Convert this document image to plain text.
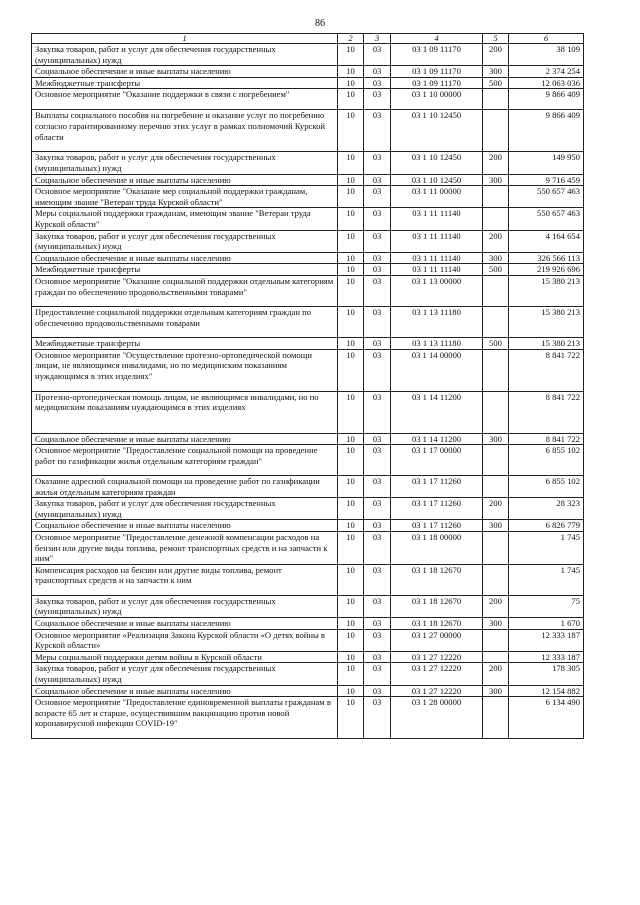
86
1	2	3	4	5	6
Закупка товаров, работ и услуг для обеспечения государственных (муниципальных) нужд	10	03	03 1 09 11170	200	38 109
Социальное обеспечение и иные выплаты населению	10	03	03 1 09 11170	300	2 374 254
Межбюджетные трансферты	10	03	03 1 09 11170	500	12 063 036
Основное мероприятие "Оказание поддержки в связи с погребением"	10	03	03 1 10 00000		9 866 409
Выплаты социального пособия на погребение и оказание услуг по погребению согласно гарантированному перечню этих услуг в рамках полномочий Курской области	10	03	03 1 10 12450		9 866 409
Закупка товаров, работ и услуг для обеспечения государственных (муниципальных) нужд	10	03	03 1 10 12450	200	149 950
Социальное обеспечение и иные выплаты населению	10	03	03 1 10 12450	300	9 716 459
Основное мероприятие "Оказание мер социальной поддержки гражданам, имеющим звание "Ветеран труда Курской области"	10	03	03 1 11 00000		550 657 463
Меры социальной поддержки гражданам, имеющим звание "Ветеран труда Курской области"	10	03	03 1 11 11140		550 657 463
Закупка товаров, работ и услуг для обеспечения государственных (муниципальных) нужд	10	03	03 1 11 11140	200	4 164 654
Социальное обеспечение и иные выплаты населению	10	03	03 1 11 11140	300	326 566 113
Межбюджетные трансферты	10	03	03 1 11 11140	500	219 926 696
Основное мероприятие "Оказание социальной поддержки отдельным категориям граждан по обеспечению продовольственными товарами"	10	03	03 1 13 00000		15 380 213
Предоставление социальной поддержки отдельным категориям граждан по обеспечению продовольственными товарами	10	03	03 1 13 11180		15 380 213
Межбюджетные трансферты	10	03	03 1 13 11180	500	15 380 213
Основное мероприятие "Осуществление протезно-ортопедической помощи лицам, не являющимся инвалидами, но по медицинским показаниям нуждающимся в этих изделиях"	10	03	03 1 14 00000		8 841 722
Протезно-ортопедическая помощь лицам, не являющимся инвалидами, но по медицинским показаниям нуждающимся в этих изделиях	10	03	03 1 14 11200		8 841 722
Социальное обеспечение и иные выплаты населению	10	03	03 1 14 11200	300	8 841 722
Основное мероприятие "Предоставление социальной помощи на проведение работ по газификации жилья отдельным категориям граждан"	10	03	03 1 17 00000		6 855 102
Оказание адресной социальной помощи на проведение работ по газификации жилья отдельным категориям граждан	10	03	03 1 17 11260		6 855 102
Закупка товаров, работ и услуг для обеспечения государственных (муниципальных) нужд	10	03	03 1 17 11260	200	28 323
Социальное обеспечение и иные выплаты населению	10	03	03 1 17 11260	300	6 826 779
Основное мероприятие "Предоставление денежной компенсации расходов на бензин или другие виды топлива, ремонт транспортных средств и на запчасти к ним"	10	03	03 1 18 00000		1 745
Компенсация расходов на бензин или другие виды топлива, ремонт транспортных средств и на запчасти к ним	10	03	03 1 18 12670		1 745
Закупка товаров, работ и услуг для обеспечения государственных (муниципальных) нужд	10	03	03 1 18 12670	200	75
Социальное обеспечение и иные выплаты населению	10	03	03 1 18 12670	300	1 670
Основное мероприятие «Реализация Закона Курской области «О детях войны в Курской области»	10	03	03 1 27 00000		12 333 187
Меры социальной поддержки детям войны в Курской области	10	03	03 1 27 12220		12 333 187
Закупка товаров, работ и услуг для обеспечения государственных (муниципальных) нужд	10	03	03 1 27 12220	200	178 305
Социальное обеспечение и иные выплаты населению	10	03	03 1 27 12220	300	12 154 882
Основное мероприятие "Предоставление единовременной выплаты гражданам в возрасте 65 лет и старше, осуществившим вакцинацию против новой коронавирусной инфекции COVID-19"	10	03	03 1 28 00000		6 134 490
